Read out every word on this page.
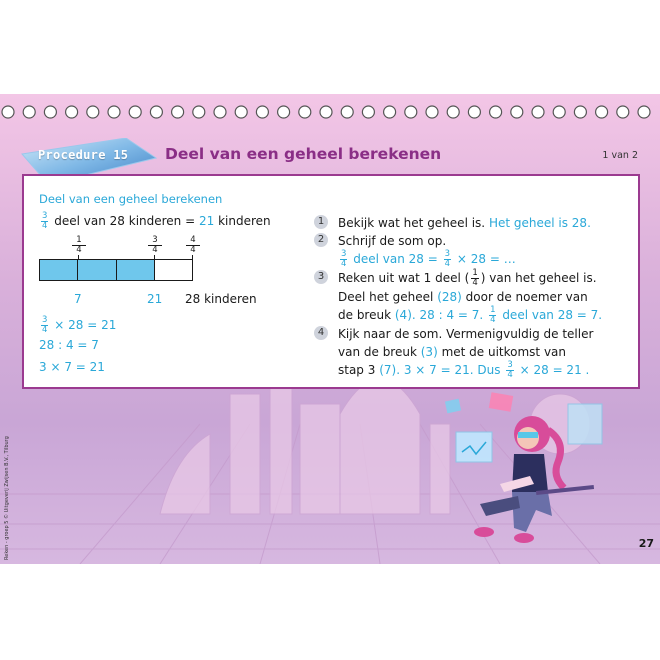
Procedure 15 Deel van een geheel berekenen	1 van 2
Deel van een geheel berekenen
$\frac{3}{4}$ deel van 28 kinderen = 21 kinderen
1
4
3
4
4
4
7	21 28 kinderen
$\frac{3}{4} \times 28 = 21$
28 : 4 = 7
3 × 7 = 21
1	Bekijk wat het geheel is. Het geheel is 28.
2	Schrijf de som op.

$\frac{3}{4}$ deel van $28 = \frac{3}{4} \times 28$ = …
3	Reken uit wat 1 deel ( $\frac{1}{4}$ ) van het geheel is.
Deel het geheel (28) door de noemer van
de breuk (4). 28 : 4 = 7. $\frac{1}{4}$ deel van 28 = 7.
4	Kijk naar de som. Vermenigvuldig de teller
van de breuk (3) met de uitkomst van
stap 3 (7). 3 × 7 = 21. Dus $\frac{3}{4} \times 28 = 21$ .
Reken - groep 5 © Uitgeverij Zwijsen B.V., Tilburg	27
